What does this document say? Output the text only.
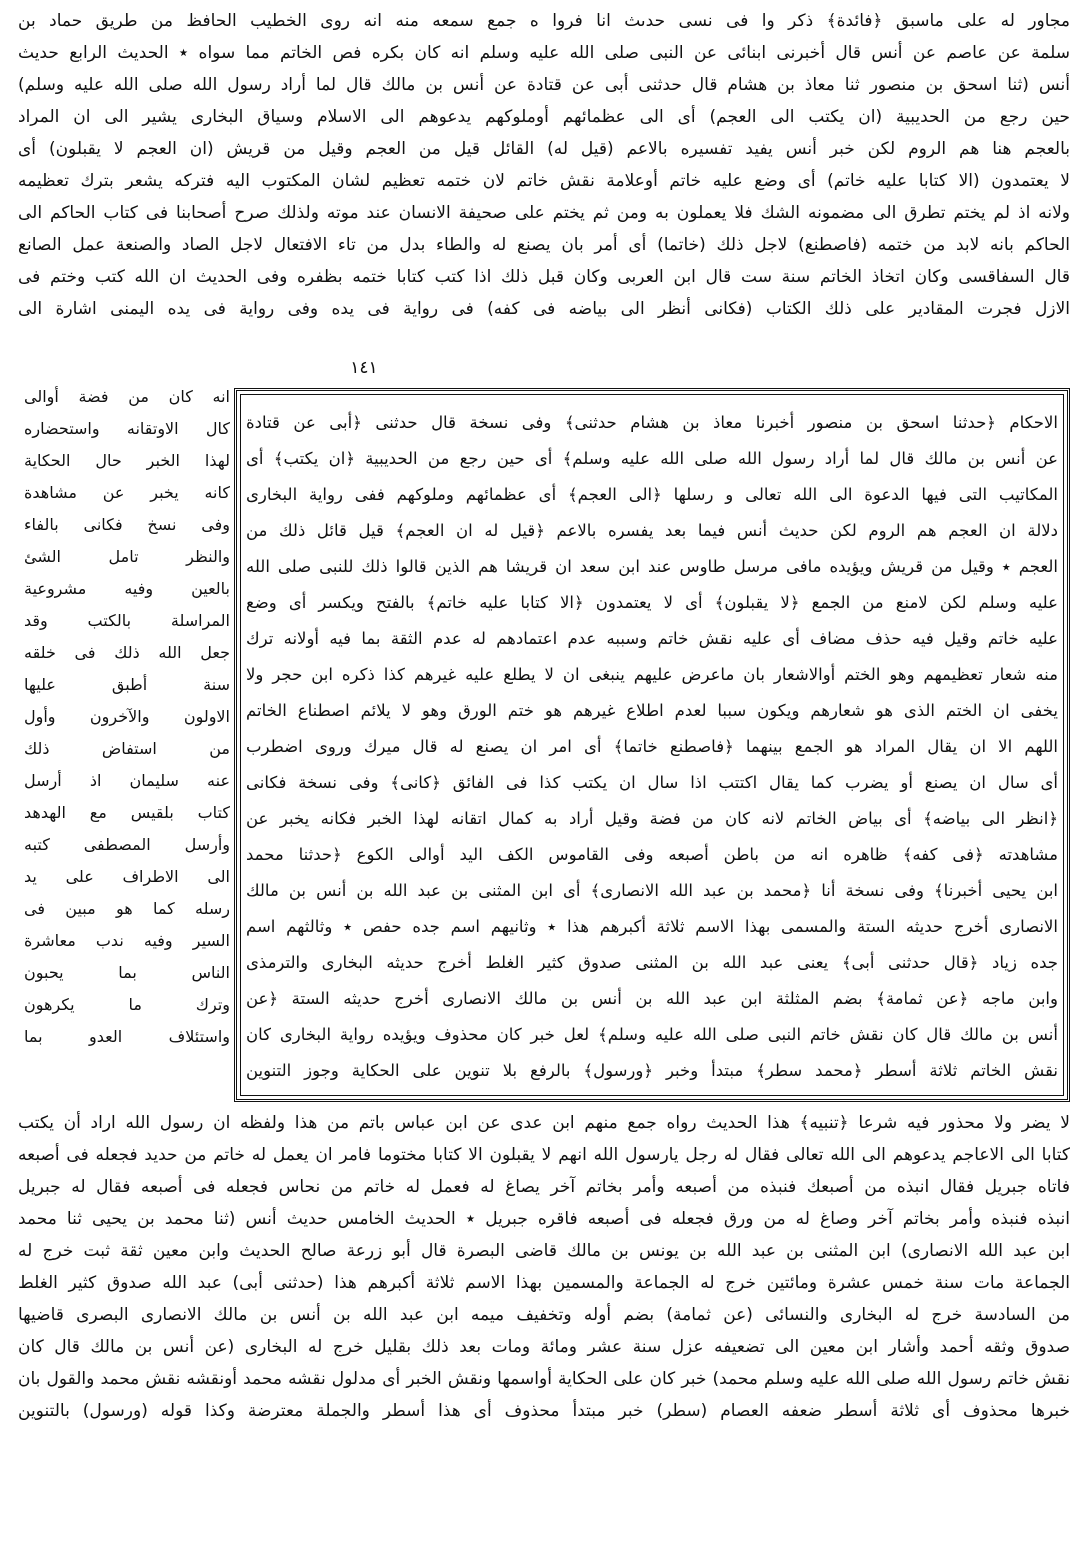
مجاور له على ماسبق ﴿فائدة﴾ ذكر وا فى نسى حدىث انا فروا ه جمع سمعه منه انه روى الخطيب الحافظ من طريق حماد بن
سلمة عن عاصم عن أنس قال أخبرنى ابنائى عن النبى صلى الله عليه وسلم انه كان بكره فص الخاتم مما سواه ٭ الحديث الرابع حديث
أنس (ثنا اسحق بن منصور ثنا معاذ بن هشام قال حدثنى أبى عن قتادة عن أنس بن مالك قال لما أراد رسول الله صلى الله عليه وسلم)
حين رجع من الحديبية (ان يكتب الى العجم) أى الى عظمائهم أوملوكهم يدعوهم الى الاسلام وسياق البخارى يشير الى ان المراد
بالعجم هنا هم الروم لكن خبر أنس يفيد تفسيره بالاعم (قيل له) القائل قيل من العجم وقيل من قريش (ان العجم لا يقبلون) أى
لا يعتمدون (الا كتابا عليه خاتم) أى وضع عليه خاتم أوعلامة نقش خاتم لان ختمه تعظيم لشان المكتوب اليه فتركه يشعر بترك تعظيمه
ولانه اذ لم يختم تطرق الى مضمونه الشك فلا يعملون به ومن ثم يختم على صحيفة الانسان عند موته ولذلك صرح أصحابنا فى كتاب الحاكم الى
الحاكم بانه لابد من ختمه (فاصطنع) لاجل ذلك (خاتما) أى أمر بان يصنع له والطاء بدل من تاء الافتعال لاجل الصاد والصنعة عمل الصانع
قال السفاقسى وكان اتخاذ الخاتم سنة ست قال ابن العربى وكان قبل ذلك اذا كتب كتابا ختمه بظفره وفى الحديث ان الله كتب وختم فى
الازل فجرت المقادير على ذلك الكتاب (فكانى أنظر الى بياضه فى كفه) فى رواية فى يده وفى رواية فى يده اليمنى اشارة الى
١٤١
انه كان من فضة أوالى
كال الاوتقانه واستحضاره
لهذا الخبر حال الحكاية
كانه يخبر عن مشاهدة
وفى نسخ فكانى بالفاء
والنظر تامل الشئ
بالعين وفيه مشروعية
المراسلة بالكتب وقد
جعل الله ذلك فى خلقه
سنة أطبق عليها
الاولون والآخرون وأول
من استفاض ذلك
عنه سليمان اذ أرسل
كتاب بلقيس مع الهدهد
وأرسل المصطفى كتبه
الى الاطراف على يد
رسله كما هو مبين فى
السير وفيه ندب معاشرة
الناس بما يحبون
وترك ما يكرهون
واستئلاف العدو بما
الاحكام ﴿حدثنا اسحق بن منصور أخبرنا معاذ بن هشام حدثنى﴾ وفى نسخة قال حدثنى ﴿أبى عن قتادة
عن أنس بن مالك قال لما أراد رسول الله صلى الله عليه وسلم﴾ أى حين رجع من الحديبية ﴿ان يكتب﴾ أى
المكاتيب التى فيها الدعوة الى الله تعالى و رسلها ﴿الى العجم﴾ أى عظمائهم وملوكهم ففى رواية البخارى
دلالة ان العجم هم الروم لكن حديث أنس فيما بعد يفسره بالاعم ﴿قيل له ان العجم﴾ قيل قائل ذلك من
العجم ٭ وقيل من قريش ويؤيده مافى مرسل طاوس عند ابن سعد ان قريشا هم الذين قالوا ذلك للنبى صلى الله
عليه وسلم لكن لامنع من الجمع ﴿لا يقبلون﴾ أى لا يعتمدون ﴿الا كتابا عليه خاتم﴾ بالفتح ويكسر أى وضع
عليه خاتم وقيل فيه حذف مضاف أى عليه نقش خاتم وسببه عدم اعتمادهم له عدم الثقة بما فيه أولانه ترك
منه شعار تعظيمهم وهو الختم أوالاشعار بان ماعرض عليهم ينبغى ان لا يطلع عليه غيرهم كذا ذكره ابن حجر ولا
يخفى ان الختم الذى هو شعارهم ويكون سببا لعدم اطلاع غيرهم هو ختم الورق وهو لا يلائم اصطناع الخاتم
اللهم الا ان يقال المراد هو الجمع بينهما ﴿فاصطنع خاتما﴾ أى امر ان يصنع له قال ميرك وروى اضطرب
أى سال ان يصنع أو يضرب كما يقال اكتتب اذا سال ان يكتب كذا فى الفائق ﴿كانى﴾ وفى نسخة فكانى
﴿انظر الى بياضه﴾ أى بياض الخاتم لانه كان من فضة وقيل أراد به كمال اتقانه لهذا الخبر فكانه يخبر عن
مشاهدته ﴿فى كفه﴾ ظاهره انه من باطن أصبعه وفى القاموس الكف اليد أوالى الكوع ﴿حدثنا محمد
ابن يحيى أخبرنا﴾ وفى نسخة أنا ﴿محمد بن عبد الله الانصارى﴾ أى ابن المثنى بن عبد الله بن أنس بن مالك
الانصارى أخرج حديثه الستة والمسمى بهذا الاسم ثلاثة أكبرهم هذا ٭ وثانيهم اسم جده حفص ٭ وثالثهم اسم
جده زياد ﴿قال حدثنى أبى﴾ يعنى عبد الله بن المثنى صدوق كثير الغلط أخرج حديثه البخارى والترمذى
وابن ماجه ﴿عن ثمامة﴾ بضم المثلثة ابن عبد الله بن أنس بن مالك الانصارى أخرج حديثه الستة ﴿عن
أنس بن مالك قال كان نقش خاتم النبى صلى الله عليه وسلم﴾ لعل خبر كان محذوف ويؤيده رواية البخارى كان
نقش الخاتم ثلاثة أسطر ﴿محمد سطر﴾ مبتدأ وخبر ﴿ورسول﴾ بالرفع بلا تنوين على الحكاية وجوز التنوين
لا يضر ولا محذور فيه شرعا ﴿تنبيه﴾ هذا الحديث رواه جمع منهم ابن عدى عن ابن عباس باتم من هذا ولفظه ان رسول الله اراد أن يكتب
كتابا الى الاعاجم يدعوهم الى الله تعالى فقال له رجل يارسول الله انهم لا يقبلون الا كتابا مختوما فامر ان يعمل له خاتم من حديد فجعله فى أصبعه
فاتاه جبريل فقال انبذه من أصبعك فنبذه من أصبعه وأمر بخاتم آخر يصاغ له فعمل له خاتم من نحاس فجعله فى أصبعه فقال له جبريل
انبذه فنبذه وأمر بخاتم آخر وصاغ له من ورق فجعله فى أصبعه فاقره جبريل ٭ الحديث الخامس حديث أنس (ثنا محمد بن يحيى ثنا محمد
ابن عبد الله الانصارى) ابن المثنى بن عبد الله بن يونس بن مالك قاضى البصرة قال أبو زرعة صالح الحديث وابن معين ثقة ثبت خرج له
الجماعة مات سنة خمس عشرة ومائتين خرج له الجماعة والمسمين بهذا الاسم ثلاثة أكبرهم هذا (حدثنى أبى) عبد الله صدوق كثير الغلط
من السادسة خرج له البخارى والنسائى (عن ثمامة) بضم أوله وتخفيف ميمه ابن عبد الله بن أنس بن مالك الانصارى البصرى قاضيها
صدوق وثقه أحمد وأشار ابن معين الى تضعيفه عزل سنة عشر ومائة ومات بعد ذلك بقليل خرج له البخارى (عن أنس بن مالك قال كان
نقش خاتم رسول الله صلى الله عليه وسلم محمد) خبر كان على الحكاية أواسمها ونقش الخبر أى مدلول نقشه محمد أونقشه نقش محمد والقول بان
خبرها محذوف أى ثلاثة أسطر ضعفه العصام (سطر) خبر مبتدأ محذوف أى هذا أسطر والجملة معترضة وكذا قوله (ورسول) بالتنوين
